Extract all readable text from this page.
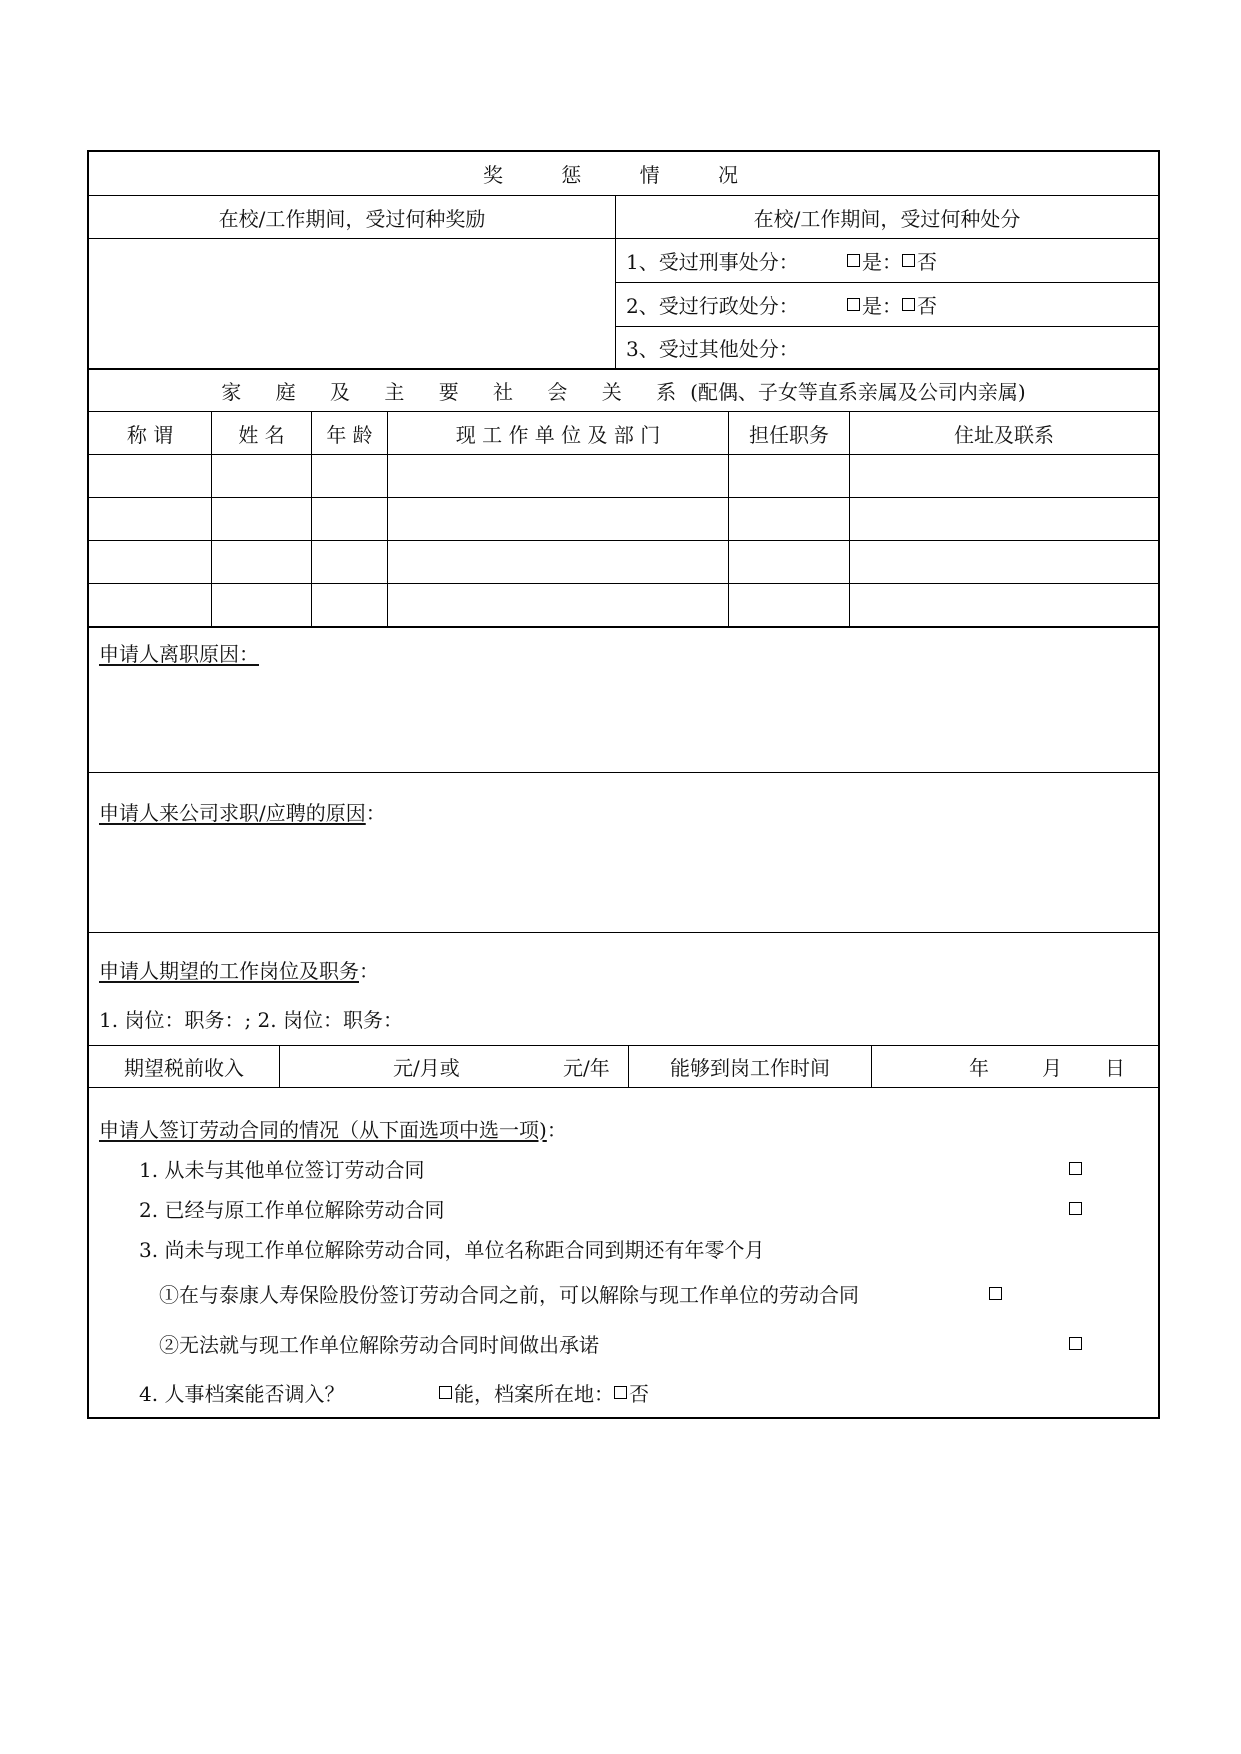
奖 惩 情 况
在校/工作期间，受过何种奖励	在校/工作期间，受过何种处分
1、受过刑事处分：	是： 否
2、受过行政处分：	是： 否
3、受过其他处分：
家 庭 及 主 要 社 会 关 系 (配偶、子女等直系亲属及公司内亲属)
称 谓	姓 名	年 龄	现 工 作 单 位 及 部 门	担任职务	住址及联系
申请人离职原因：
申请人来公司求职/应聘的原因：
申请人期望的工作岗位及职务：
1. 岗位：职务：; 2. 岗位：职务：
期望税前收入	元/月或	元/年	能够到岗工作时间	年	月 日
申请人签订劳动合同的情况（从下面选项中选一项) ：
1. 从未与其他单位签订劳动合同
2. 已经与原工作单位解除劳动合同
3. 尚未与现工作单位解除劳动合同，单位名称距合同到期还有年零个月
①在与泰康人寿保险股份签订劳动合同之前，可以解除与现工作单位的劳动合同
②无法就与现工作单位解除劳动合同时间做出承诺
4. 人事档案能否调入？	能，档案所在地： 否
